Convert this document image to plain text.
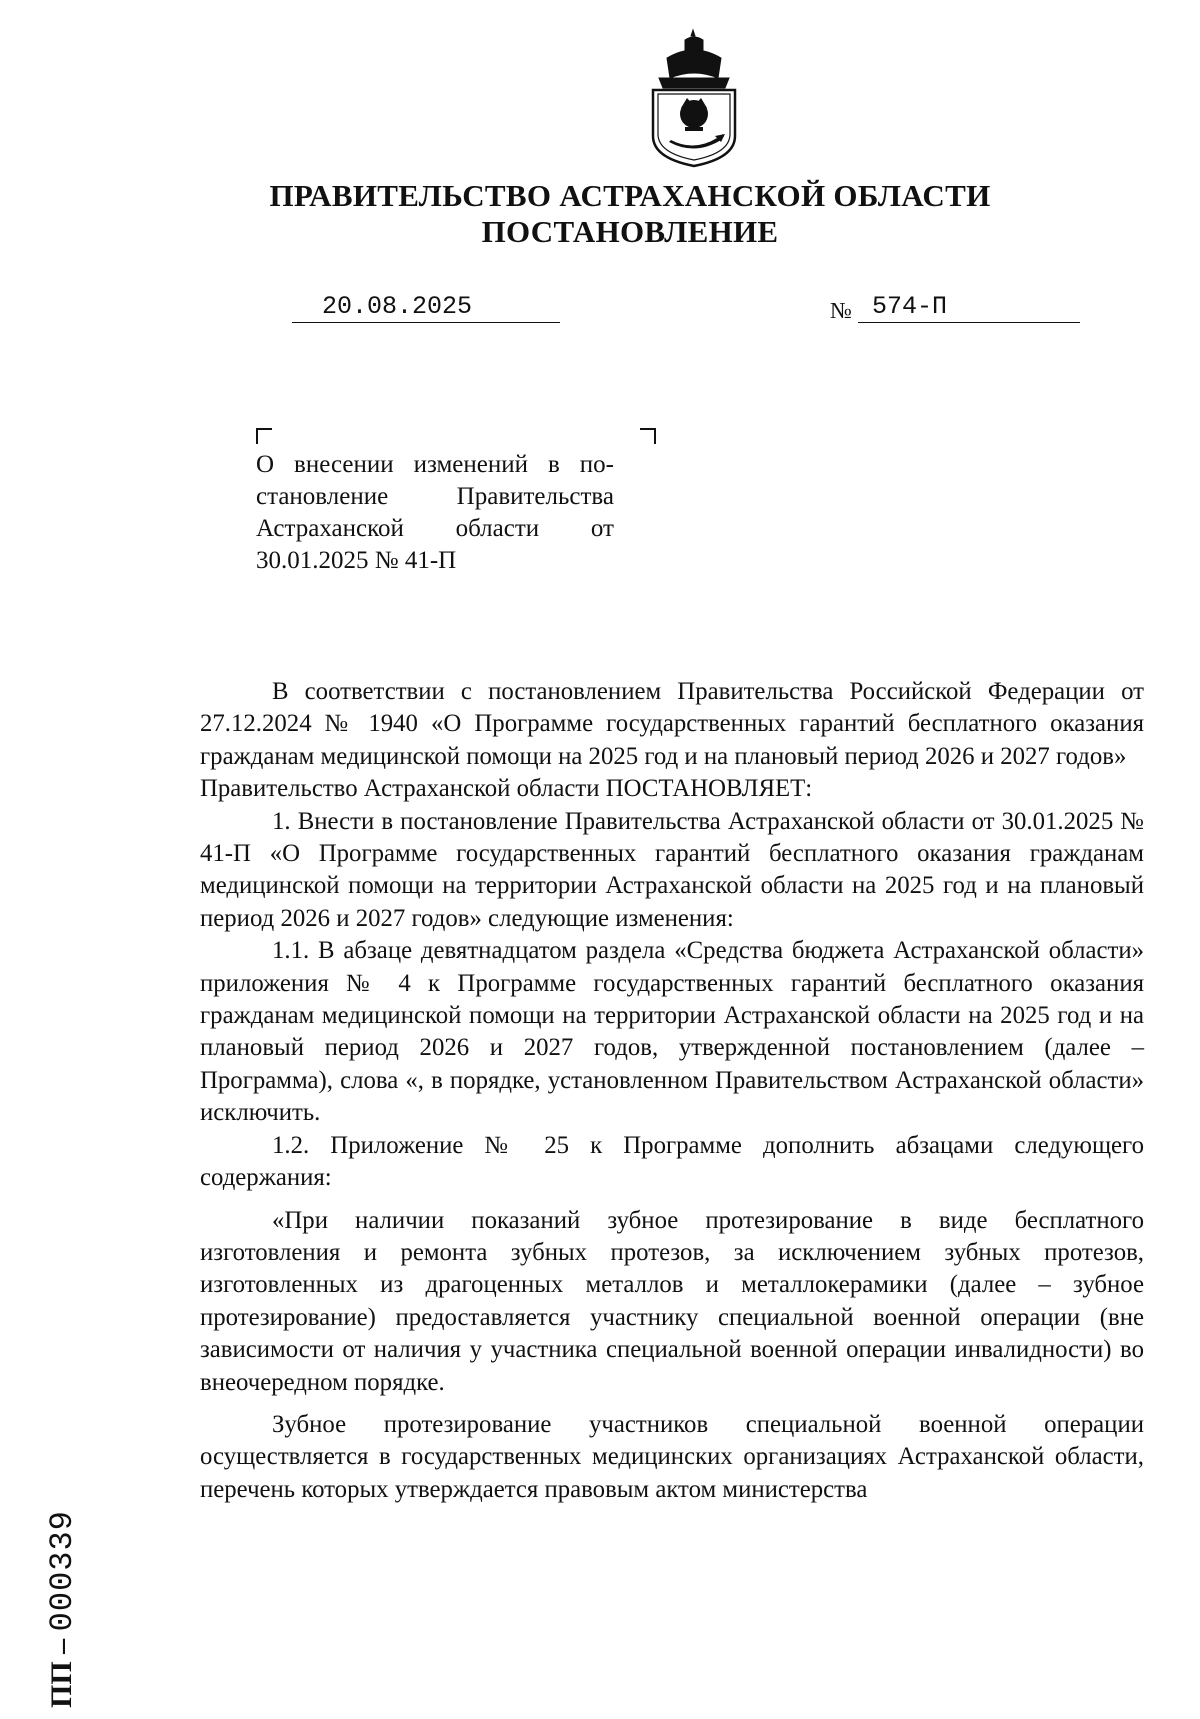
ПРАВИТЕЛЬСТВО АСТРАХАНСКОЙ ОБЛАСТИ
ПОСТАНОВЛЕНИЕ
20.08.2025	№ 574-П
О внесении изменений в по-
становление Правительства
Астраханской области от
30.01.2025 № 41-П

В соответствии с постановлением Правительства Российской Федерации от 27.12.2024 № 1940 «О Программе государственных гарантий бесплатного оказания гражданам медицинской помощи на 2025 год и на плановый период 2026 и 2027 годов»

Правительство Астраханской области ПОСТАНОВЛЯЕТ:

1. Внести в постановление Правительства Астраханской области от 30.01.2025 № 41-П «О Программе государственных гарантий бесплатного оказания гражданам медицинской помощи на территории Астраханской области на 2025 год и на плановый период 2026 и 2027 годов» следующие изменения:

1.1. В абзаце девятнадцатом раздела «Средства бюджета Астраханской области» приложения № 4 к Программе государственных гарантий бесплатного оказания гражданам медицинской помощи на территории Астраханской области на 2025 год и на плановый период 2026 и 2027 годов, утвержденной постановлением (далее – Программа), слова «, в порядке, установленном Правительством Астраханской области» исключить.

1.2. Приложение № 25 к Программе дополнить абзацами следующего содержания:

«При наличии показаний зубное протезирование в виде бесплатного изготовления и ремонта зубных протезов, за исключением зубных протезов, изготовленных из драгоценных металлов и металлокерамики (далее – зубное протезирование) предоставляется участнику специальной военной операции (вне зависимости от наличия у участника специальной военной операции инвалидности) во внеочередном порядке.

Зубное протезирование участников специальной военной операции осуществляется в государственных медицинских организациях Астраханской области, перечень которых утверждается правовым актом министерства

ПП – 000339
